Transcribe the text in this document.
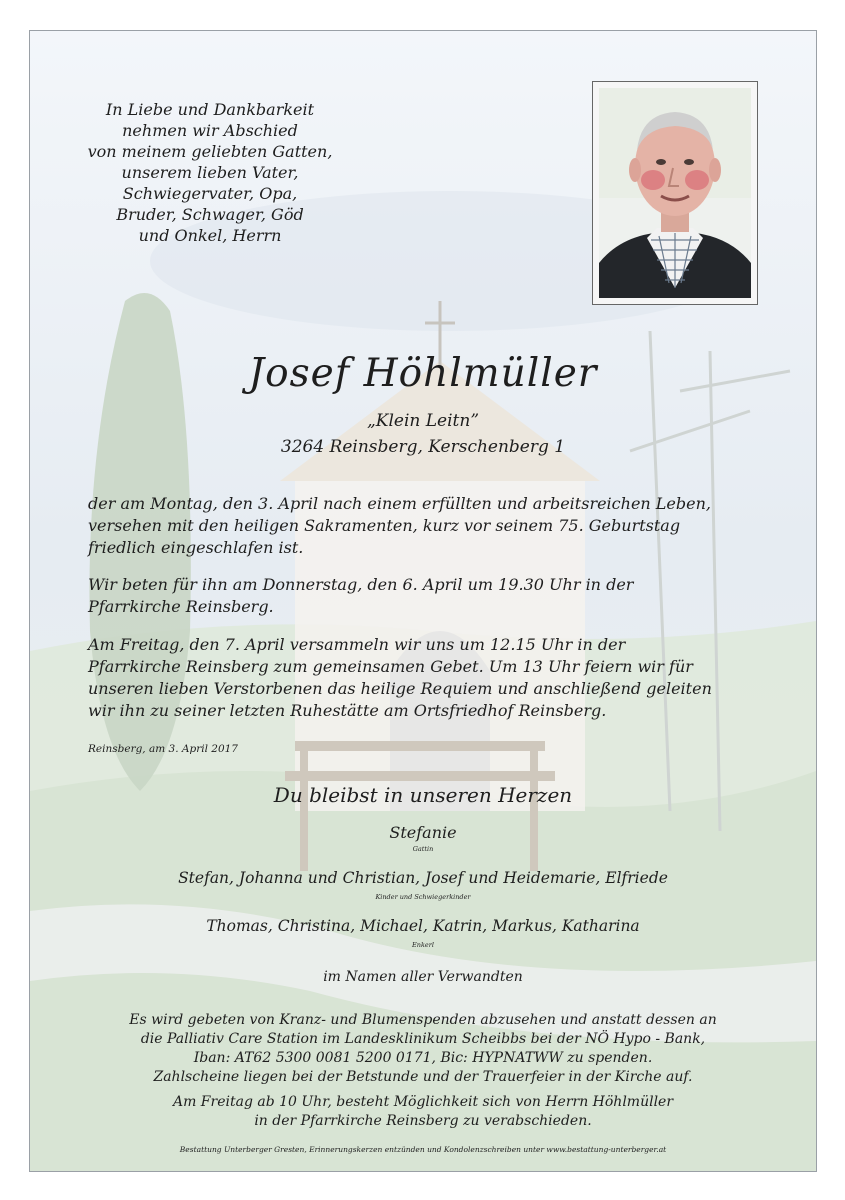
In Liebe und Dankbarkeit
nehmen wir Abschied
von meinem geliebten Gatten,
unserem lieben Vater,
Schwiegervater, Opa,
Bruder, Schwager, Göd
und Onkel, Herrn
Josef Höhlmüller
„Klein Leitn”
3264 Reinsberg, Kerschenberg 1
der am Montag, den 3. April nach einem erfüllten und arbeitsreichen Leben,
versehen mit den heiligen Sakramenten, kurz vor seinem 75. Geburtstag
friedlich eingeschlafen ist.
Wir beten für ihn am Donnerstag, den 6. April um 19.30 Uhr in der
Pfarrkirche Reinsberg.
Am Freitag, den 7. April versammeln wir uns um 12.15 Uhr in der
Pfarrkirche Reinsberg zum gemeinsamen Gebet. Um 13 Uhr feiern wir für
unseren lieben Verstorbenen das heilige Requiem und anschließend geleiten
wir ihn zu seiner letzten Ruhestätte am Ortsfriedhof Reinsberg.
Reinsberg, am 3. April 2017
Du bleibst in unseren Herzen
Stefanie
Gattin
Stefan, Johanna und Christian, Josef und Heidemarie, Elfriede
Kinder und Schwiegerkinder
Thomas, Christina, Michael, Katrin, Markus, Katharina
Enkerl
im Namen aller Verwandten
Es wird gebeten von Kranz- und Blumenspenden abzusehen und anstatt dessen an
die Palliativ Care Station im Landesklinikum Scheibbs bei der NÖ Hypo - Bank,
Iban: AT62 5300 0081 5200 0171, Bic: HYPNATWW zu spenden.
Zahlscheine liegen bei der Betstunde und der Trauerfeier in der Kirche auf.
Am Freitag ab 10 Uhr, besteht Möglichkeit sich von Herrn Höhlmüller
in der Pfarrkirche Reinsberg zu verabschieden.
Bestattung Unterberger Gresten, Erinnerungskerzen entzünden und Kondolenzschreiben unter www.bestattung-unterberger.at
